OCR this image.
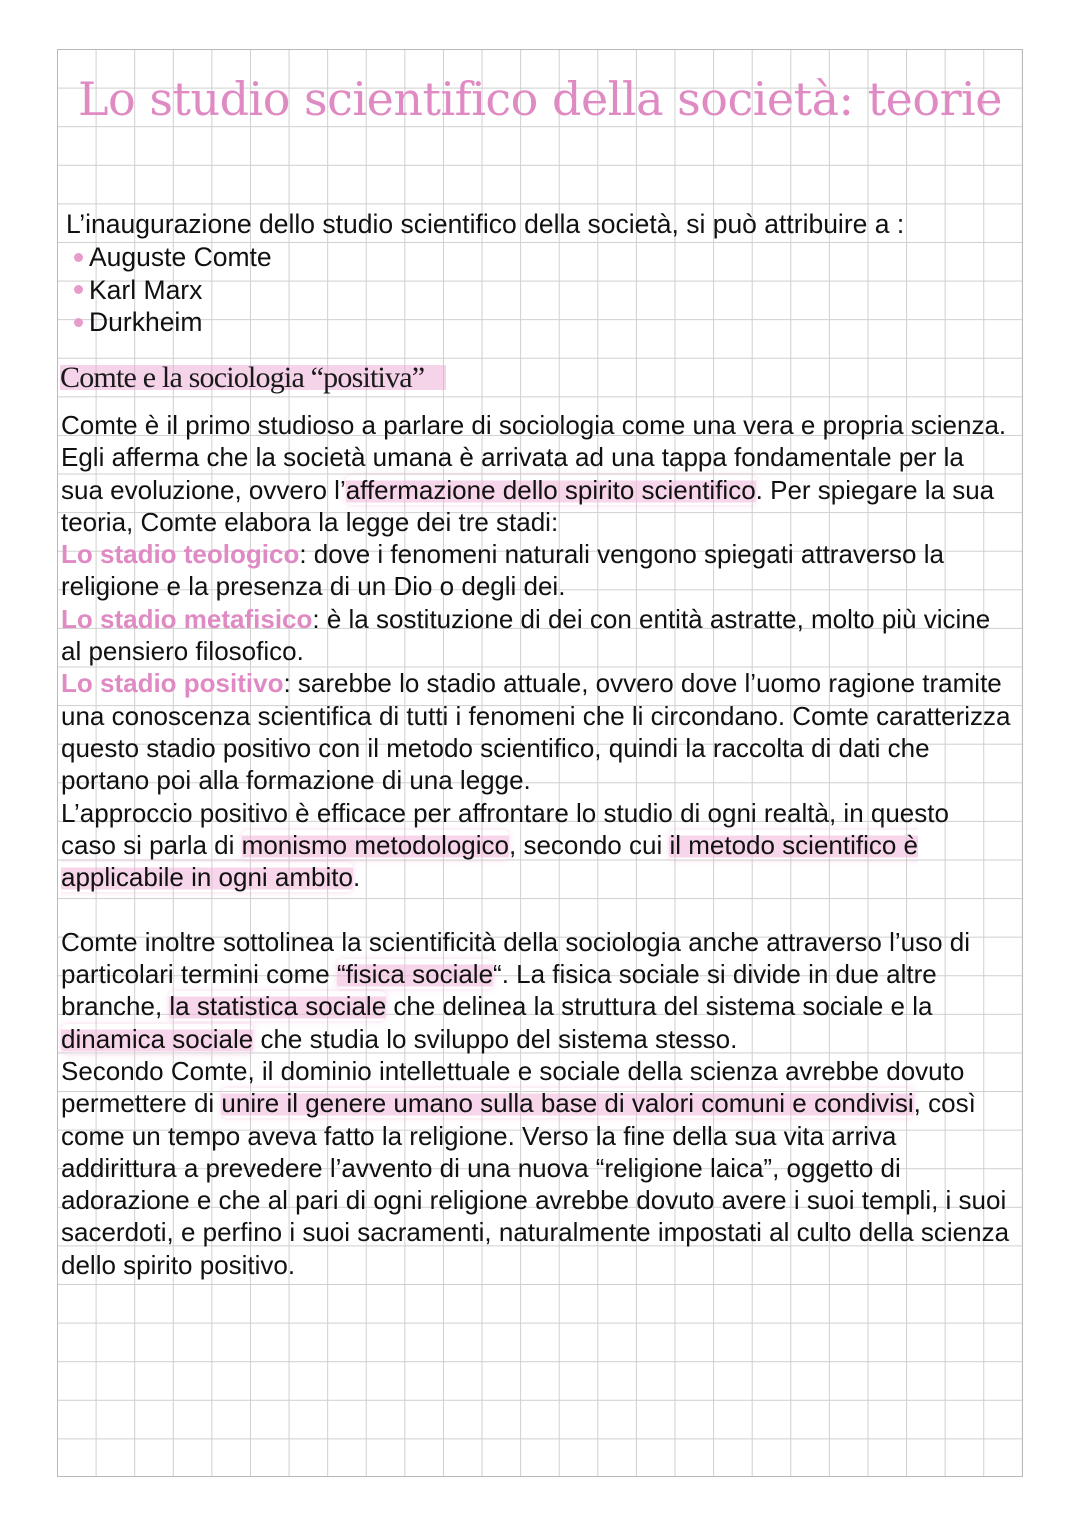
Lo studio scientifico della società: teorie

L’inaugurazione dello studio scientifico della società, si può attribuire a :

Auguste Comte
Karl Marx
Durkheim
Comte e la sociologia “positiva”

Comte è il primo studioso a parlare di sociologia come una vera e propria scienza. Egli afferma che la società umana è arrivata ad una tappa fondamentale per la sua evoluzione, ovvero l’affermazione dello spirito scientifico. Per spiegare la sua teoria, Comte elabora la legge dei tre stadi:

Lo stadio teologico: dove i fenomeni naturali vengono spiegati attraverso la religione e la presenza di un Dio o degli dei.

Lo stadio metafisico: è la sostituzione di dei con entità astratte, molto più vicine al pensiero filosofico.

Lo stadio positivo: sarebbe lo stadio attuale, ovvero dove l’uomo ragione tramite una conoscenza scientifica di tutti i fenomeni che li circondano. Comte caratterizza questo stadio positivo con il metodo scientifico, quindi la raccolta di dati che portano poi alla formazione di una legge.

L’approccio positivo è efficace per affrontare lo studio di ogni realtà, in questo caso si parla di monismo metodologico, secondo cui il metodo scientifico è applicabile in ogni ambito.

Comte inoltre sottolinea la scientificità della sociologia anche attraverso l’uso di particolari termini come “fisica sociale“. La fisica sociale si divide in due altre branche, la statistica sociale che delinea la struttura del sistema sociale e la dinamica sociale che studia lo sviluppo del sistema stesso.

Secondo Comte, il dominio intellettuale e sociale della scienza avrebbe dovuto permettere di unire il genere umano sulla base di valori comuni e condivisi, così come un tempo aveva fatto la religione. Verso la fine della sua vita arriva addirittura a prevedere l’avvento di una nuova “religione laica”, oggetto di adorazione e che al pari di ogni religione avrebbe dovuto avere i suoi templi, i suoi sacerdoti, e perfino i suoi sacramenti, naturalmente impostati al culto della scienza dello spirito positivo.
